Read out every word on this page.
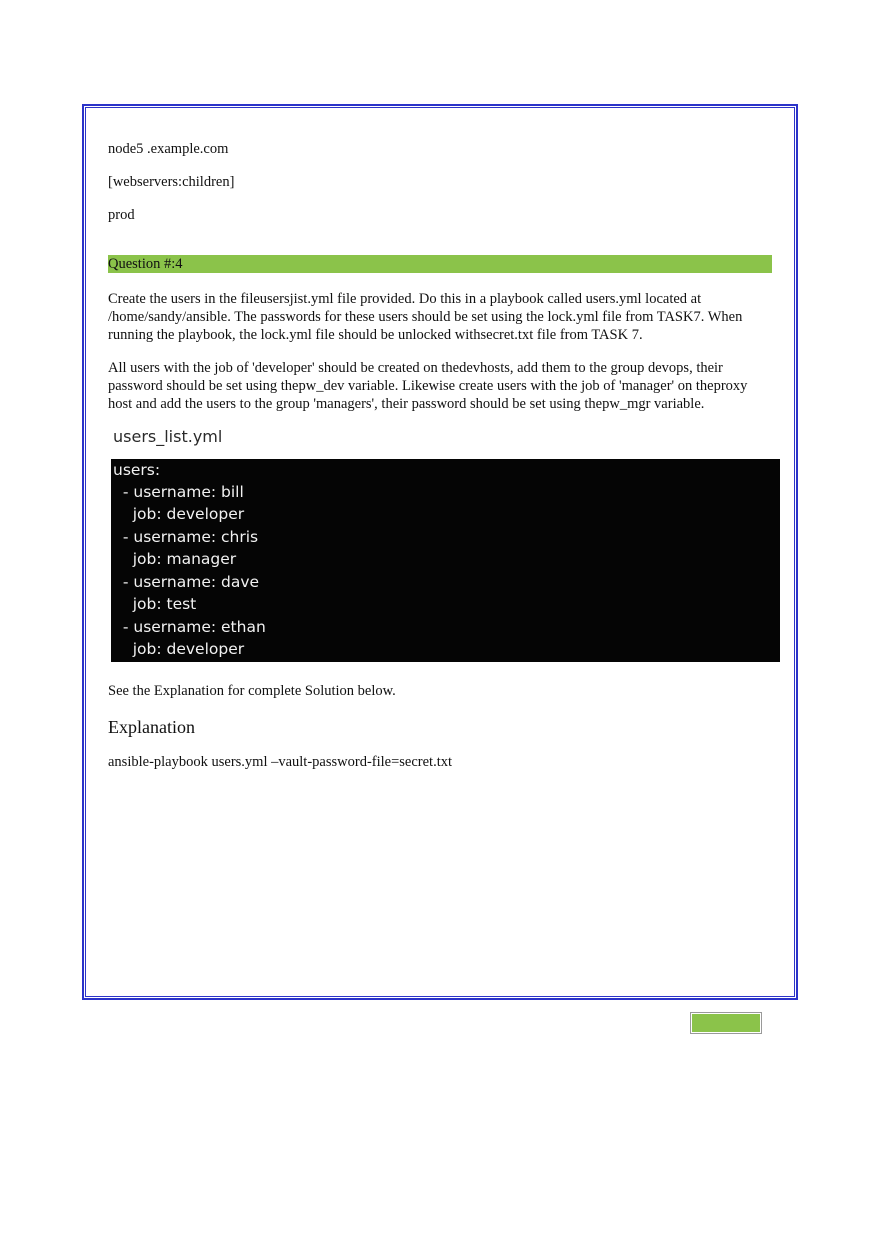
node5 .example.com

[webservers:children]

prod

Question #:4

Create the users in the fileusersjist.yml file provided. Do this in a playbook called users.yml located at

/home/sandy/ansible. The passwords for these users should be set using the lock.yml file from TASK7. When

running the playbook, the lock.yml file should be unlocked withsecret.txt file from TASK 7.

All users with the job of 'developer' should be created on thedevhosts, add them to the group devops, their

password should be set using thepw_dev variable. Likewise create users with the job of 'manager' on theproxy

host and add the users to the group 'managers', their password should be set using thepw_mgr variable.

users_list.yml
users:
- username: bill
job: developer
- username: chris
job: manager
- username: dave
job: test
- username: ethan
job: developer

See the Explanation for complete Solution below.

Explanation

ansible-playbook users.yml –vault-password-file=secret.txt
